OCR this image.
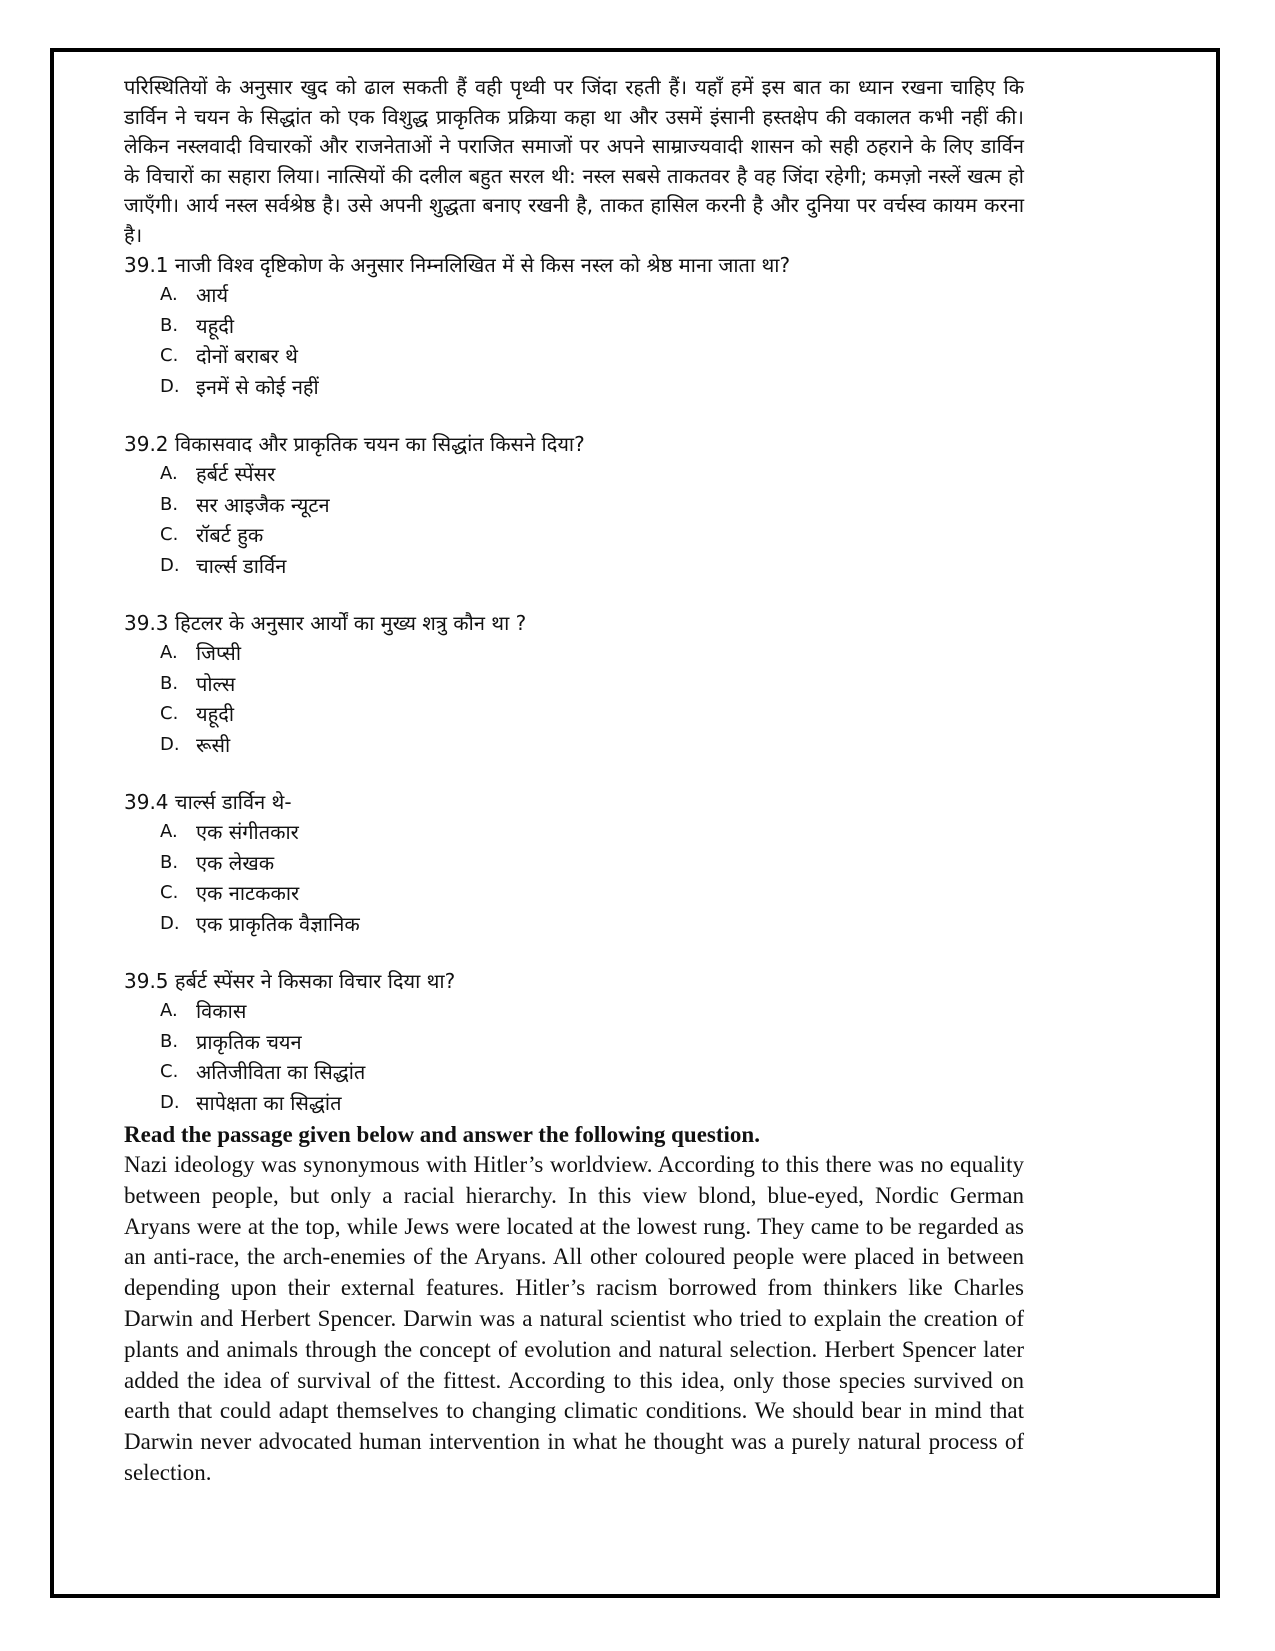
परिस्थितियों के अनुसार खुद को ढाल सकती हैं वही पृथ्वी पर जिंदा रहती हैं। यहाँ हमें इस बात का ध्यान रखना चाहिए कि डार्विन ने चयन के सिद्धांत को एक विशुद्ध प्राकृतिक प्रक्रिया कहा था और उसमें इंसानी हस्तक्षेप की वकालत कभी नहीं की। लेकिन नस्लवादी विचारकों और राजनेताओं ने पराजित समाजों पर अपने साम्राज्यवादी शासन को सही ठहराने के लिए डार्विन के विचारों का सहारा लिया। नात्सियों की दलील बहुत सरल थी: नस्ल सबसे ताकतवर है वह जिंदा रहेगी; कमज़ो नस्लें खत्म हो जाएँगी। आर्य नस्ल सर्वश्रेष्ठ है। उसे अपनी शुद्धता बनाए रखनी है, ताकत हासिल करनी है और दुनिया पर वर्चस्व कायम करना है।

39.1 नाजी विश्व दृष्टिकोण के अनुसार निम्नलिखित में से किस नस्ल को श्रेष्ठ माना जाता था?

A. आर्य
B. यहूदी
C. दोनों बराबर थे
D. इनमें से कोई नहीं

39.2 विकासवाद और प्राकृतिक चयन का सिद्धांत किसने दिया?

A. हर्बर्ट स्पेंसर
B. सर आइजैक न्यूटन
C. रॉबर्ट हुक
D. चार्ल्स डार्विन

39.3 हिटलर के अनुसार आर्यों का मुख्य शत्रु कौन था ?

A. जिप्सी
B. पोल्स
C. यहूदी
D. रूसी

39.4 चार्ल्स डार्विन थे-

A. एक संगीतकार
B. एक लेखक
C. एक नाटककार
D. एक प्राकृतिक वैज्ञानिक

39.5 हर्बर्ट स्पेंसर ने किसका विचार दिया था?

A. विकास
B. प्राकृतिक चयन
C. अतिजीविता का सिद्धांत
D. सापेक्षता का सिद्धांत

Read the passage given below and answer the following question.

Nazi ideology was synonymous with Hitler’s worldview. According to this there was no equality between people, but only a racial hierarchy. In this view blond, blue-eyed, Nordic German Aryans were at the top, while Jews were located at the lowest rung. They came to be regarded as an anti-race, the arch-enemies of the Aryans. All other coloured people were placed in between depending upon their external features. Hitler’s racism borrowed from thinkers like Charles Darwin and Herbert Spencer. Darwin was a natural scientist who tried to explain the creation of plants and animals through the concept of evolution and natural selection. Herbert Spencer later added the idea of survival of the fittest. According to this idea, only those species survived on earth that could adapt themselves to changing climatic conditions. We should bear in mind that Darwin never advocated human intervention in what he thought was a purely natural process of selection.
